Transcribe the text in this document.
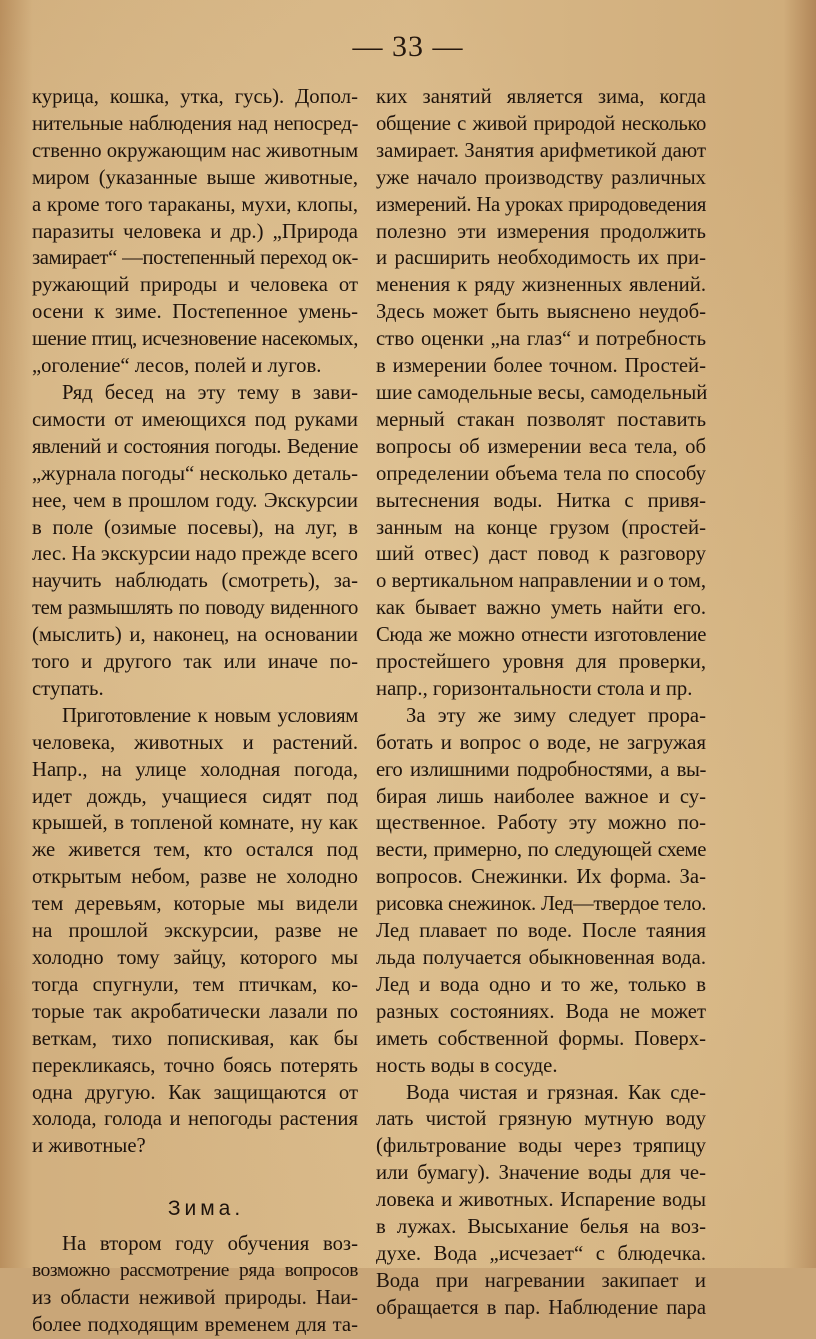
— 33 —
курица, кошка, утка, гусь). Допол-
нительные наблюдения над непосред-
ственно окружающим нас животным
миром (указанные выше животные,
а кроме того тараканы, мухи, клопы,
паразиты человека и др.) „Природа
замирает“ —постепенный переход ок-
ружающий природы и человека от
осени к зиме. Постепенное умень-
шение птиц, исчезновение насекомых,
„оголение“ лесов, полей и лугов.
Ряд бесед на эту тему в зави-
симости от имеющихся под руками
явлений и состояния погоды. Ведение
„журнала погоды“ несколько деталь-
нее, чем в прошлом году. Экскурсии
в поле (озимые посевы), на луг, в
лес. На экскурсии надо прежде всего
научить наблюдать (смотреть), за-
тем размышлять по поводу виденного
(мыслить) и, наконец, на основании
того и другого так или иначе по-
ступать.
Приготовление к новым условиям
человека, животных и растений.
Напр., на улице холодная погода,
идет дождь, учащиеся сидят под
крышей, в топленой комнате, ну как
же живется тем, кто остался под
открытым небом, разве не холодно
тем деревьям, которые мы видели
на прошлой экскурсии, разве не
холодно тому зайцу, которого мы
тогда спугнули, тем птичкам, ко-
торые так акробатически лазали по
веткам, тихо попискивая, как бы
перекликаясь, точно боясь потерять
одна другую. Как защищаются от
холода, голода и непогоды растения
и животные?
Зима.
На втором году обучения воз-
возможно рассмотрение ряда вопросов
из области неживой природы. Наи-
более подходящим временем для та-
ких занятий является зима, когда
общение с живой природой несколько
замирает. Занятия арифметикой дают
уже начало производству различных
измерений. На уроках природоведения
полезно эти измерения продолжить
и расширить необходимость их при-
менения к ряду жизненных явлений.
Здесь может быть выяснено неудоб-
ство оценки „на глаз“ и потребность
в измерении более точном. Простей-
шие самодельные весы, самодельный
мерный стакан позволят поставить
вопросы об измерении веса тела, об
определении объема тела по способу
вытеснения воды. Нитка с привя-
занным на конце грузом (простей-
ший отвес) даст повод к разговору
о вертикальном направлении и о том,
как бывает важно уметь найти его.
Сюда же можно отнести изготовление
простейшего уровня для проверки,
напр., горизонтальности стола и пр.
За эту же зиму следует прора-
ботать и вопрос о воде, не загружая
его излишними подробностями, а вы-
бирая лишь наиболее важное и су-
щественное. Работу эту можно по-
вести, примерно, по следующей схеме
вопросов. Снежинки. Их форма. За-
рисовка снежинок. Лед—твердое тело.
Лед плавает по воде. После таяния
льда получается обыкновенная вода.
Лед и вода одно и то же, только в
разных состояниях. Вода не может
иметь собственной формы. Поверх-
ность воды в сосуде.
Вода чистая и грязная. Как сде-
лать чистой грязную мутную воду
(фильтрование воды через тряпицу
или бумагу). Значение воды для че-
ловека и животных. Испарение воды
в лужах. Высыхание белья на воз-
духе. Вода „исчезает“ с блюдечка.
Вода при нагревании закипает и
обращается в пар. Наблюдение пара
